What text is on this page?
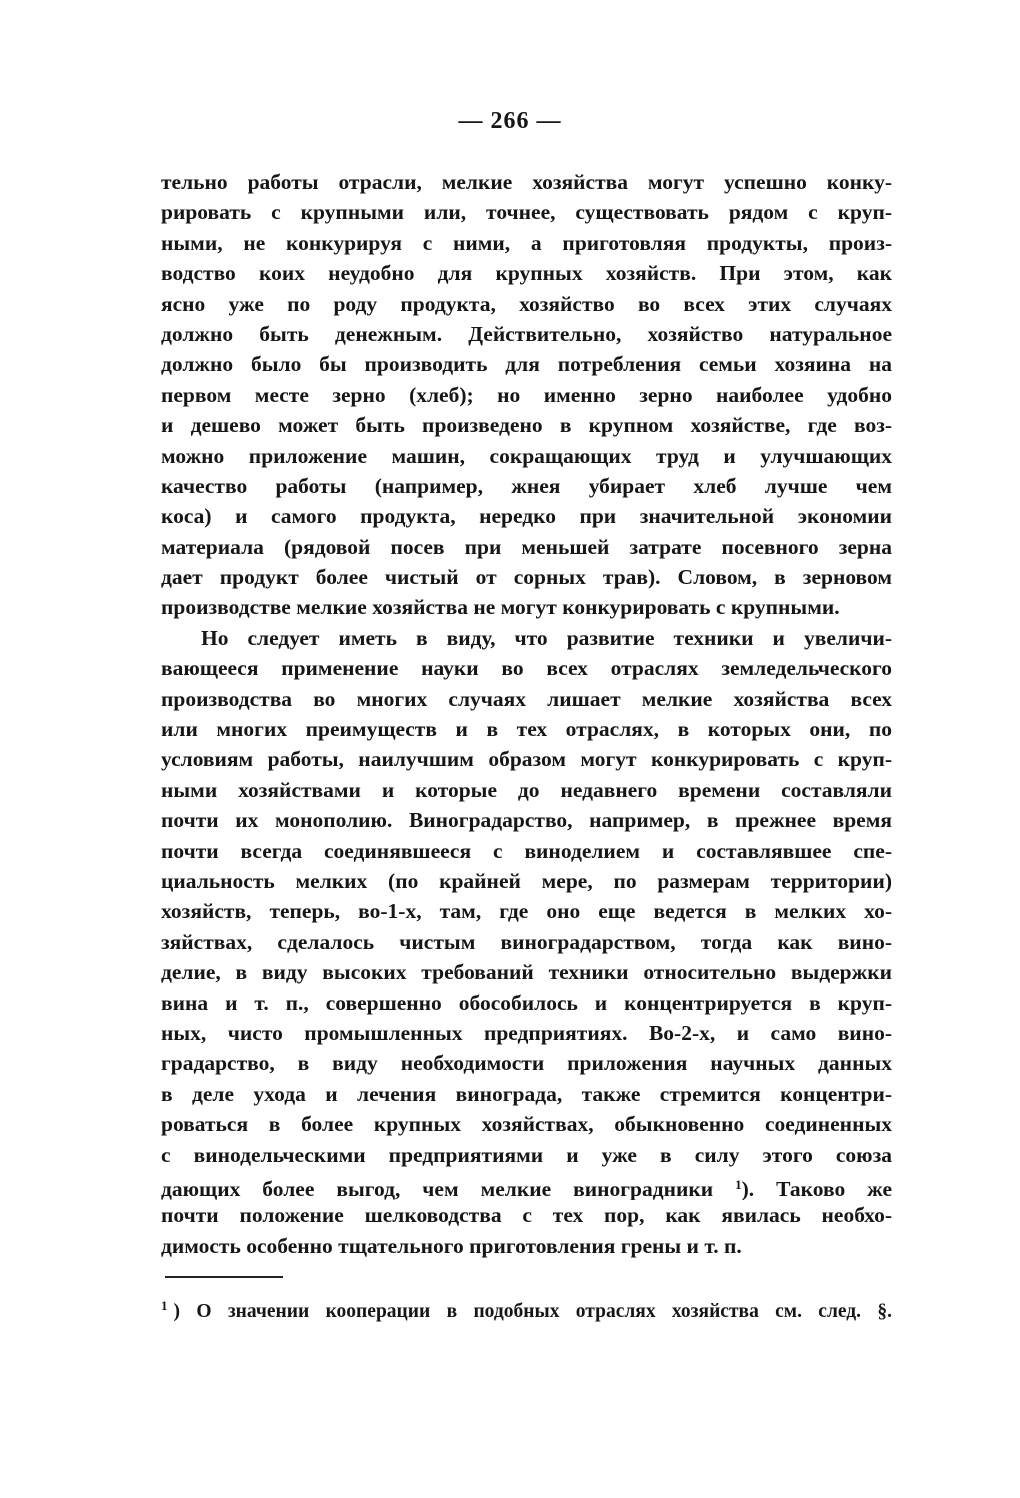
— 266 —
тельно работы отрасли, мелкие хозяйства могут успешно конку-
рировать с крупными или, точнее, существовать рядом с круп-
ными, не конкурируя с ними, а приготовляя продукты, произ-
водство коих неудобно для крупных хозяйств. При этом, как
ясно уже по роду продукта, хозяйство во всех этих случаях
должно быть денежным. Действительно, хозяйство натуральное
должно было бы производить для потребления семьи хозяина на
первом месте зерно (хлеб); но именно зерно наиболее удобно
и дешево может быть произведено в крупном хозяйстве, где воз-
можно приложение машин, сокращающих труд и улучшающих
качество работы (например, жнея убирает хлеб лучше чем
коса) и самого продукта, нередко при значительной экономии
материала (рядовой посев при меньшей затрате посевного зерна
дает продукт более чистый от сорных трав). Словом, в зерновом
производстве мелкие хозяйства не могут конкурировать с крупными.
Но следует иметь в виду, что развитие техники и увеличи-
вающееся применение науки во всех отраслях земледельческого
производства во многих случаях лишает мелкие хозяйства всех
или многих преимуществ и в тех отраслях, в которых они, по
условиям работы, наилучшим образом могут конкурировать с круп-
ными хозяйствами и которые до недавнего времени составляли
почти их монополию. Виноградарство, например, в прежнее время
почти всегда соединявшееся с виноделием и составлявшее спе-
циальность мелких (по крайней мере, по размерам территории)
хозяйств, теперь, во-1-х, там, где оно еще ведется в мелких хо-
зяйствах, сделалось чистым виноградарством, тогда как вино-
делие, в виду высоких требований техники относительно выдержки
вина и т. п., совершенно обособилось и концентрируется в круп-
ных, чисто промышленных предприятиях. Во-2-х, и само вино-
градарство, в виду необходимости приложения научных данных
в деле ухода и лечения винограда, также стремится концентри-
роваться в более крупных хозяйствах, обыкновенно соединенных
с винодельческими предприятиями и уже в силу этого союза
дающих более выгод, чем мелкие виноградники $^1$). Таково же
почти положение шелководства с тех пор, как явилась необхо-
димость особенно тщательного приготовления грены и т. п.
$^1$ ) О значении кооперации в подобных отраслях хозяйства см. след. §.
